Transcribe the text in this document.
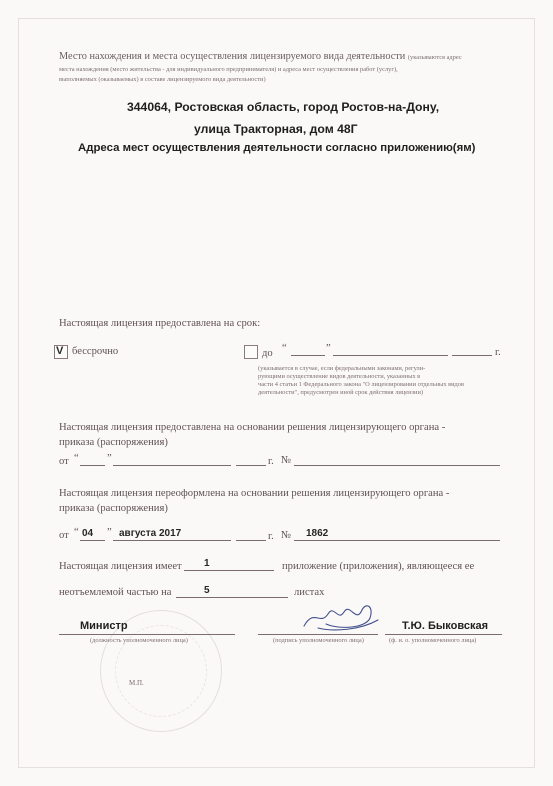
Место нахождения и места осуществления лицензируемого вида деятельности (указываются адрес
места нахождения (место жительства - для индивидуального предпринимателя) и адреса мест осуществления работ (услуг),
выполняемых (оказываемых) в составе лицензируемого вида деятельности)
344064, Ростовская область, город Ростов-на-Дону,
улица Тракторная, дом 48Г
Адреса мест осуществления деятельности согласно приложению(ям)
Настоящая лицензия предоставлена на срок:
V бессрочно	до “	”	г.
(указывается в случае, если федеральными законами, регули-
рующими осуществление видов деятельности, указанных в
части 4 статьи 1 Федерального закона "О лицензировании отдельных видов
деятельности", предусмотрен иной срок действия лицензии)
Настоящая лицензия предоставлена на основании решения лицензирующего органа -
приказа (распоряжения)
от “	”	г. №
Настоящая лицензия переоформлена на основании решения лицензирующего органа -
приказа (распоряжения)
от “ 04 ” августа 2017	г. № 1862
Настоящая лицензия имеет 1	приложение (приложения), являющееся ее
неотъемлемой частью на	5	листах
Министр
(должность уполномоченного лица)	(подпись уполномоченного лица)
Т.Ю. Быковская
(ф. и. о. уполномоченного лица)
М.П.
